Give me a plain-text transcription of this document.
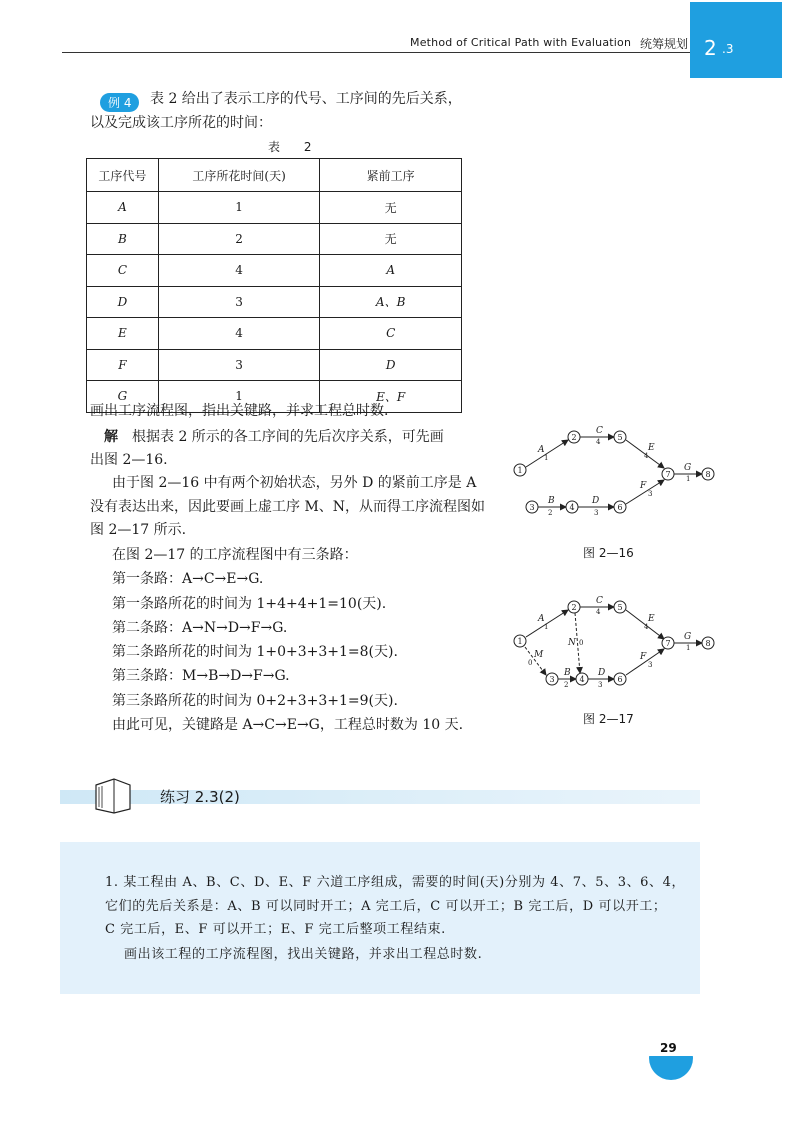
Method of Critical Path with Evaluation 统筹规划 2 .3
例 4	表 2 给出了表示工序的代号、工序间的先后关系，
以及完成该工序所花的时间：
表 2
工序代号	工序所花时间(天)	紧前工序
A	1	无
B	2	无
C	4	A
D	3	A、B
E	4	C
F	3	D
G	1	E、F
画出工序流程图，指出关键路，并求工程总时数.
 解  根据表 2 所示的各工序间的先后次序关系，可先画
出图 2—16.
由于图 2—16 中有两个初始状态，另外 D 的紧前工序是 A
没有表达出来，因此要画上虚工序 M、N，从而得工序流程图如
图 2—17 所示.
在图 2—17 的工序流程图中有三条路：
第一条路：A→C→E→G.
第一条路所花的时间为 1+4+4+1=10(天).
第二条路：A→N→D→F→G.
第二条路所花的时间为 1+0+3+3+1=8(天).
第三条路：M→B→D→F→G.
第三条路所花的时间为 0+2+3+3+1=9(天).
由此可见，关键路是 A→C→E→G，工程总时数为 10 天.
1
2	5
7	8
3	4	6
A
C
E
G
B	D
F
1
4
4
1
2	3
3
图 2—16
1
2	5
7	8
3	4	6
A
C
E
G
B	D
F
M
N
1
4
4
1
2	3
3
0
0
图 2—17
练习 2.3(2)
1. 某工程由 A、B、C、D、E、F 六道工序组成，需要的时间(天)分别为 4、7、5、3、6、4，
它们的先后关系是：A、B 可以同时开工；A 完工后，C 可以开工；B 完工后，D 可以开工；
C 完工后，E、F 可以开工；E、F 完工后整项工程结束.
画出该工程的工序流程图，找出关键路，并求出工程总时数.
29
